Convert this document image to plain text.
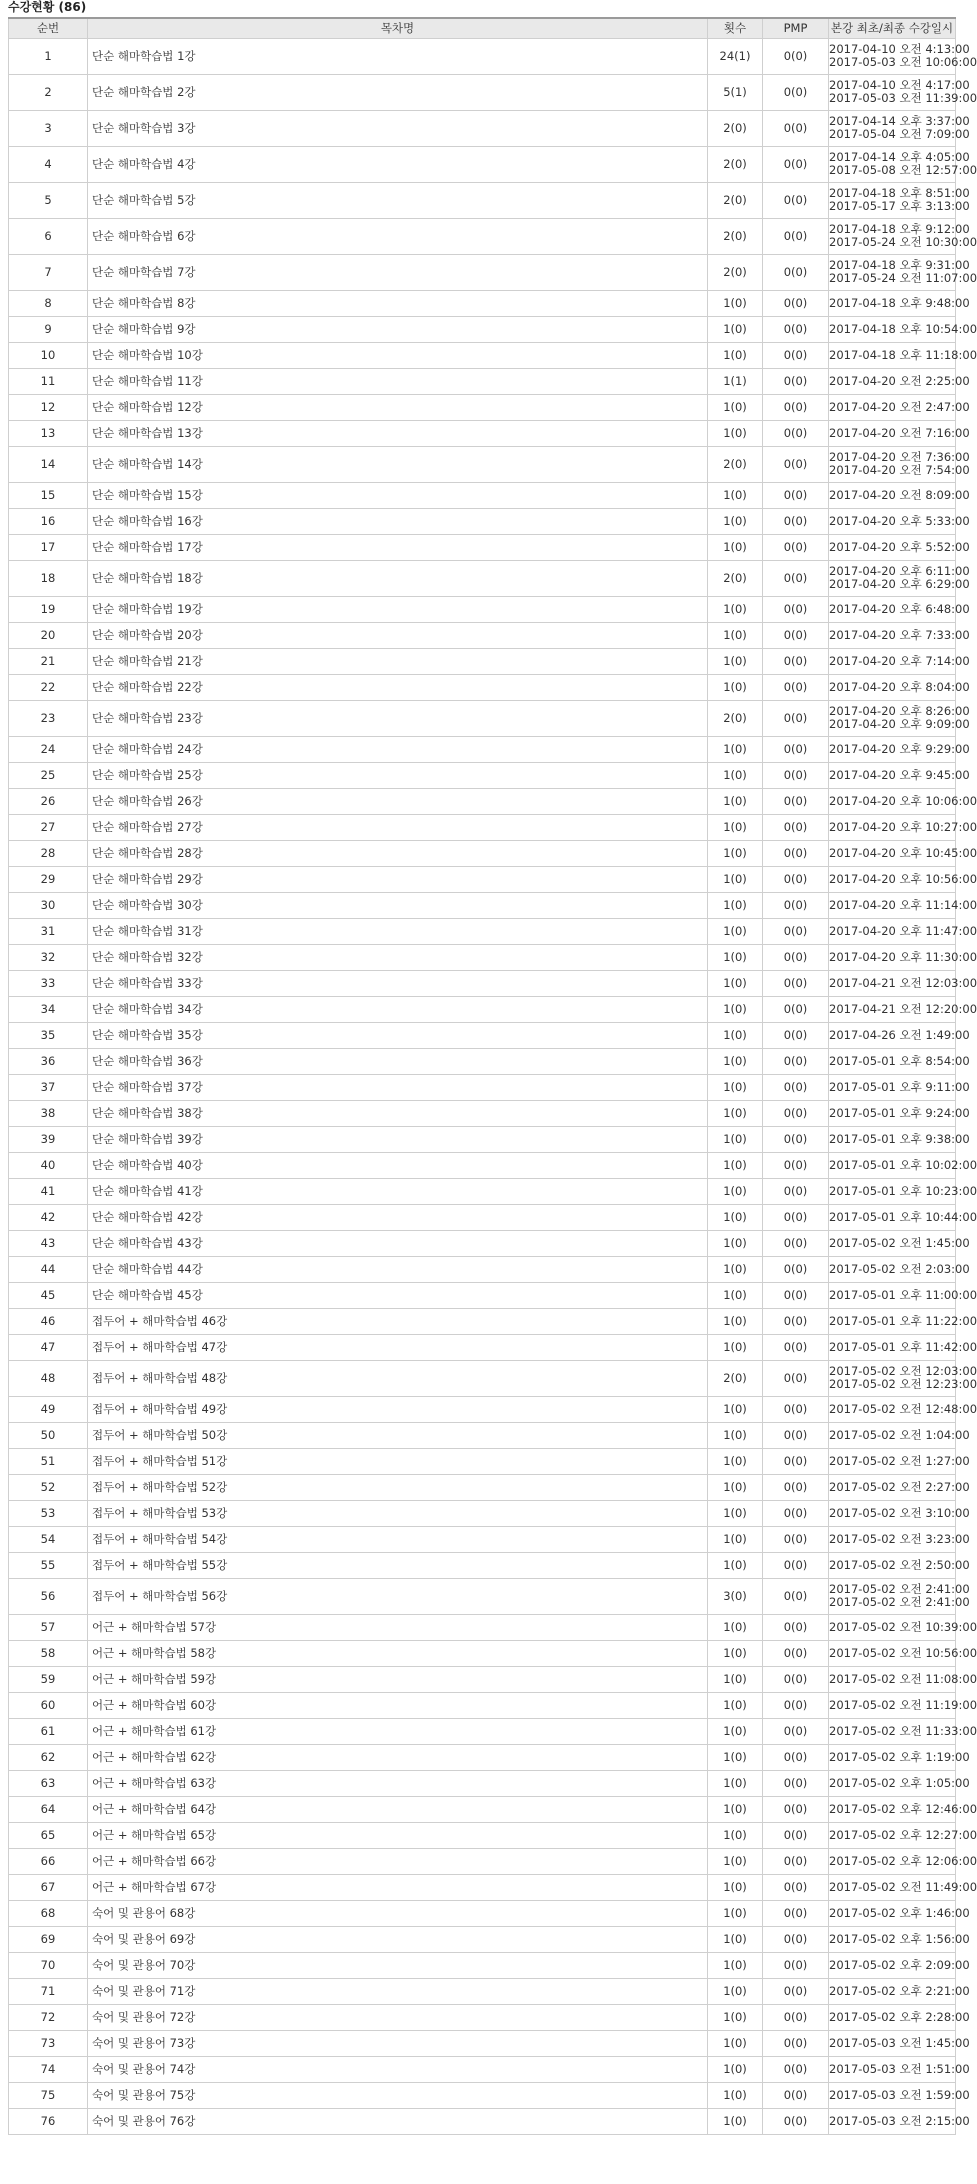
수강현황 (86)
순번	목차명	횟수	PMP	본강 최초/최종 수강일시
1	단순 해마학습법 1강	24(1)	0(0)	2017-04-10 오전 4:13:00
2017-05-03 오전 10:06:00

2	단순 해마학습법 2강	5(1)	0(0)	2017-04-10 오전 4:17:00
2017-05-03 오전 11:39:00

3	단순 해마학습법 3강	2(0)	0(0)	2017-04-14 오후 3:37:00
2017-05-04 오전 7:09:00

4	단순 해마학습법 4강	2(0)	0(0)	2017-04-14 오후 4:05:00
2017-05-08 오전 12:57:00

5	단순 해마학습법 5강	2(0)	0(0)	2017-04-18 오후 8:51:00
2017-05-17 오후 3:13:00

6	단순 해마학습법 6강	2(0)	0(0)	2017-04-18 오후 9:12:00
2017-05-24 오전 10:30:00

7	단순 해마학습법 7강	2(0)	0(0)	2017-04-18 오후 9:31:00
2017-05-24 오전 11:07:00

8	단순 해마학습법 8강	1(0)	0(0)	2017-04-18 오후 9:48:00

9	단순 해마학습법 9강	1(0)	0(0)	2017-04-18 오후 10:54:00

10	단순 해마학습법 10강	1(0)	0(0)	2017-04-18 오후 11:18:00

11	단순 해마학습법 11강	1(1)	0(0)	2017-04-20 오전 2:25:00

12	단순 해마학습법 12강	1(0)	0(0)	2017-04-20 오전 2:47:00

13	단순 해마학습법 13강	1(0)	0(0)	2017-04-20 오전 7:16:00

14	단순 해마학습법 14강	2(0)	0(0)	2017-04-20 오전 7:36:00
2017-04-20 오전 7:54:00

15	단순 해마학습법 15강	1(0)	0(0)	2017-04-20 오전 8:09:00

16	단순 해마학습법 16강	1(0)	0(0)	2017-04-20 오후 5:33:00

17	단순 해마학습법 17강	1(0)	0(0)	2017-04-20 오후 5:52:00

18	단순 해마학습법 18강	2(0)	0(0)	2017-04-20 오후 6:11:00
2017-04-20 오후 6:29:00

19	단순 해마학습법 19강	1(0)	0(0)	2017-04-20 오후 6:48:00

20	단순 해마학습법 20강	1(0)	0(0)	2017-04-20 오후 7:33:00

21	단순 해마학습법 21강	1(0)	0(0)	2017-04-20 오후 7:14:00

22	단순 해마학습법 22강	1(0)	0(0)	2017-04-20 오후 8:04:00

23	단순 해마학습법 23강	2(0)	0(0)	2017-04-20 오후 8:26:00
2017-04-20 오후 9:09:00

24	단순 해마학습법 24강	1(0)	0(0)	2017-04-20 오후 9:29:00

25	단순 해마학습법 25강	1(0)	0(0)	2017-04-20 오후 9:45:00

26	단순 해마학습법 26강	1(0)	0(0)	2017-04-20 오후 10:06:00

27	단순 해마학습법 27강	1(0)	0(0)	2017-04-20 오후 10:27:00

28	단순 해마학습법 28강	1(0)	0(0)	2017-04-20 오후 10:45:00

29	단순 해마학습법 29강	1(0)	0(0)	2017-04-20 오후 10:56:00

30	단순 해마학습법 30강	1(0)	0(0)	2017-04-20 오후 11:14:00

31	단순 해마학습법 31강	1(0)	0(0)	2017-04-20 오후 11:47:00

32	단순 해마학습법 32강	1(0)	0(0)	2017-04-20 오후 11:30:00

33	단순 해마학습법 33강	1(0)	0(0)	2017-04-21 오전 12:03:00

34	단순 해마학습법 34강	1(0)	0(0)	2017-04-21 오전 12:20:00

35	단순 해마학습법 35강	1(0)	0(0)	2017-04-26 오전 1:49:00

36	단순 해마학습법 36강	1(0)	0(0)	2017-05-01 오후 8:54:00

37	단순 해마학습법 37강	1(0)	0(0)	2017-05-01 오후 9:11:00

38	단순 해마학습법 38강	1(0)	0(0)	2017-05-01 오후 9:24:00

39	단순 해마학습법 39강	1(0)	0(0)	2017-05-01 오후 9:38:00

40	단순 해마학습법 40강	1(0)	0(0)	2017-05-01 오후 10:02:00

41	단순 해마학습법 41강	1(0)	0(0)	2017-05-01 오후 10:23:00

42	단순 해마학습법 42강	1(0)	0(0)	2017-05-01 오후 10:44:00

43	단순 해마학습법 43강	1(0)	0(0)	2017-05-02 오전 1:45:00

44	단순 해마학습법 44강	1(0)	0(0)	2017-05-02 오전 2:03:00

45	단순 해마학습법 45강	1(0)	0(0)	2017-05-01 오후 11:00:00

46	접두어 + 해마학습법 46강	1(0)	0(0)	2017-05-01 오후 11:22:00

47	접두어 + 해마학습법 47강	1(0)	0(0)	2017-05-01 오후 11:42:00

48	접두어 + 해마학습법 48강	2(0)	0(0)	2017-05-02 오전 12:03:00
2017-05-02 오전 12:23:00

49	접두어 + 해마학습법 49강	1(0)	0(0)	2017-05-02 오전 12:48:00

50	접두어 + 해마학습법 50강	1(0)	0(0)	2017-05-02 오전 1:04:00

51	접두어 + 해마학습법 51강	1(0)	0(0)	2017-05-02 오전 1:27:00

52	접두어 + 해마학습법 52강	1(0)	0(0)	2017-05-02 오전 2:27:00

53	접두어 + 해마학습법 53강	1(0)	0(0)	2017-05-02 오전 3:10:00

54	접두어 + 해마학습법 54강	1(0)	0(0)	2017-05-02 오전 3:23:00

55	접두어 + 해마학습법 55강	1(0)	0(0)	2017-05-02 오전 2:50:00

56	접두어 + 해마학습법 56강	3(0)	0(0)	2017-05-02 오전 2:41:00
2017-05-02 오전 2:41:00

57	어근 + 해마학습법 57강	1(0)	0(0)	2017-05-02 오전 10:39:00

58	어근 + 해마학습법 58강	1(0)	0(0)	2017-05-02 오전 10:56:00

59	어근 + 해마학습법 59강	1(0)	0(0)	2017-05-02 오전 11:08:00

60	어근 + 해마학습법 60강	1(0)	0(0)	2017-05-02 오전 11:19:00

61	어근 + 해마학습법 61강	1(0)	0(0)	2017-05-02 오전 11:33:00

62	어근 + 해마학습법 62강	1(0)	0(0)	2017-05-02 오후 1:19:00

63	어근 + 해마학습법 63강	1(0)	0(0)	2017-05-02 오후 1:05:00

64	어근 + 해마학습법 64강	1(0)	0(0)	2017-05-02 오후 12:46:00

65	어근 + 해마학습법 65강	1(0)	0(0)	2017-05-02 오후 12:27:00

66	어근 + 해마학습법 66강	1(0)	0(0)	2017-05-02 오후 12:06:00

67	어근 + 해마학습법 67강	1(0)	0(0)	2017-05-02 오전 11:49:00

68	숙어 및 관용어 68강	1(0)	0(0)	2017-05-02 오후 1:46:00

69	숙어 및 관용어 69강	1(0)	0(0)	2017-05-02 오후 1:56:00

70	숙어 및 관용어 70강	1(0)	0(0)	2017-05-02 오후 2:09:00

71	숙어 및 관용어 71강	1(0)	0(0)	2017-05-02 오후 2:21:00

72	숙어 및 관용어 72강	1(0)	0(0)	2017-05-02 오후 2:28:00

73	숙어 및 관용어 73강	1(0)	0(0)	2017-05-03 오전 1:45:00

74	숙어 및 관용어 74강	1(0)	0(0)	2017-05-03 오전 1:51:00

75	숙어 및 관용어 75강	1(0)	0(0)	2017-05-03 오전 1:59:00

76	숙어 및 관용어 76강	1(0)	0(0)	2017-05-03 오전 2:15:00
